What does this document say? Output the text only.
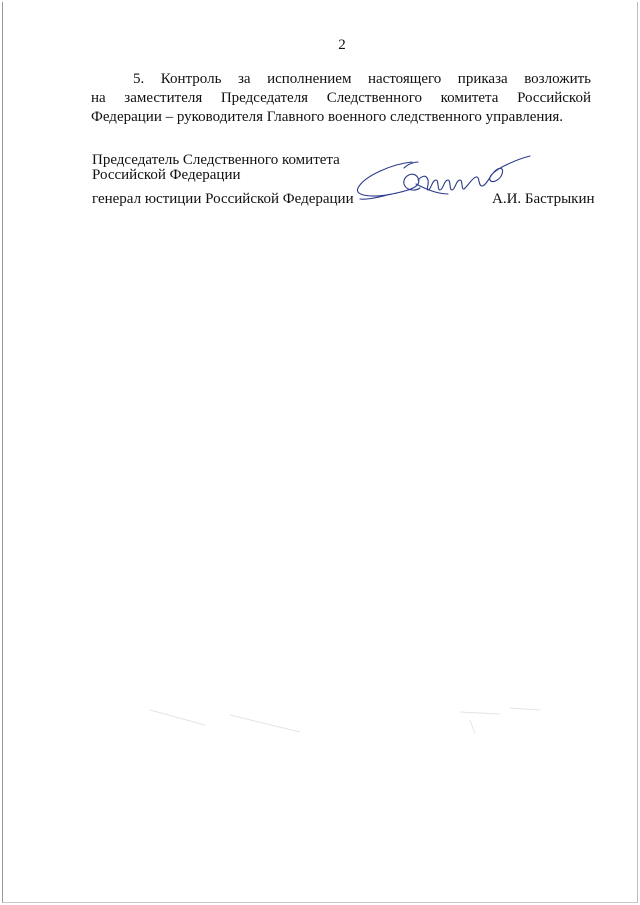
2
5. Контроль за исполнением настоящего приказа возложить
на заместителя Председателя Следственного комитета Российской
Федерации – руководителя Главного военного следственного управления.
Председатель Следственного комитета
Российской Федерации
генерал юстиции Российской Федерации	А.И. Бастрыкин
